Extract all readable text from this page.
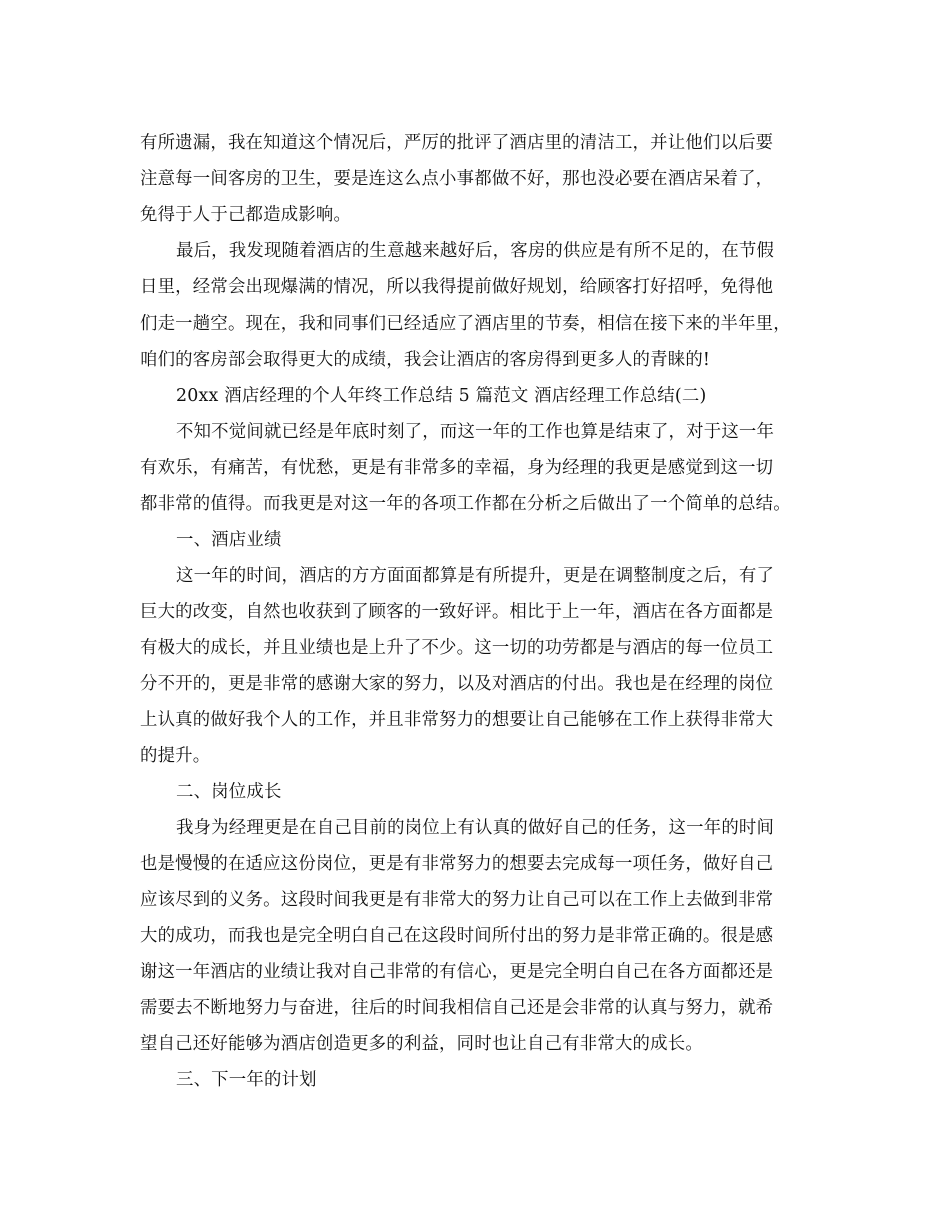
有所遗漏，我在知道这个情况后，严厉的批评了酒店里的清洁工，并让他们以后要
注意每一间客房的卫生，要是连这么点小事都做不好，那也没必要在酒店呆着了，
免得于人于己都造成影响。
最后，我发现随着酒店的生意越来越好后，客房的供应是有所不足的，在节假
日里，经常会出现爆满的情况，所以我得提前做好规划，给顾客打好招呼，免得他
们走一趟空。现在，我和同事们已经适应了酒店里的节奏，相信在接下来的半年里，
咱们的客房部会取得更大的成绩，我会让酒店的客房得到更多人的青睐的!
20xx 酒店经理的个人年终工作总结 5 篇范文 酒店经理工作总结(二)
不知不觉间就已经是年底时刻了，而这一年的工作也算是结束了，对于这一年
有欢乐，有痛苦，有忧愁，更是有非常多的幸福，身为经理的我更是感觉到这一切
都非常的值得。而我更是对这一年的各项工作都在分析之后做出了一个简单的总结。
一、酒店业绩
这一年的时间，酒店的方方面面都算是有所提升，更是在调整制度之后，有了
巨大的改变，自然也收获到了顾客的一致好评。相比于上一年，酒店在各方面都是
有极大的成长，并且业绩也是上升了不少。这一切的功劳都是与酒店的每一位员工
分不开的，更是非常的感谢大家的努力，以及对酒店的付出。我也是在经理的岗位
上认真的做好我个人的工作，并且非常努力的想要让自己能够在工作上获得非常大
的提升。
二、岗位成长
我身为经理更是在自己目前的岗位上有认真的做好自己的任务，这一年的时间
也是慢慢的在适应这份岗位，更是有非常努力的想要去完成每一项任务，做好自己
应该尽到的义务。这段时间我更是有非常大的努力让自己可以在工作上去做到非常
大的成功，而我也是完全明白自己在这段时间所付出的努力是非常正确的。很是感
谢这一年酒店的业绩让我对自己非常的有信心，更是完全明白自己在各方面都还是
需要去不断地努力与奋进，往后的时间我相信自己还是会非常的认真与努力，就希
望自己还好能够为酒店创造更多的利益，同时也让自己有非常大的成长。
三、下一年的计划
